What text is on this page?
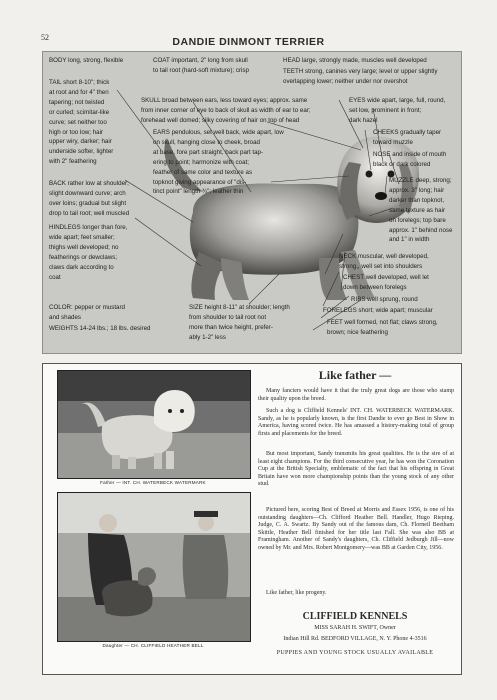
52	DANDIE DINMONT TERRIER
BODY long, strong, flexible
TAIL short 8-10"; thick
at root and for 4" then
tapering; not twisted
or curled; scimitar-like
curve; set neither too
high or too low; hair
upper wiry, darker; hair
underside softer, lighter
with 2" feathering
BACK rather low at shoulder;
slight downward curve; arch
over loins; gradual but slight
drop to tail root; well muscled
HINDLEGS longer than fore,
wide apart; feet smaller;
thighs well developed; no
featherings or dewclaws;
claws dark according to
coat
COLOR: pepper or mustard
and shades
WEIGHTS 14-24 lbs.; 18 lbs. desired
COAT important, 2" long from skull
to tail root (hard-soft mixture); crisp
SKULL broad between ears, less toward eyes; approx. same
from inner corner of eye to back of skull as width of ear to ear;
forehead well domed; silky covering of hair on top of head
EARS pendulous, set well back, wide apart, low
on skull, hanging close to cheek, broad
at base, fore part straight, back part tap-
ering to point; harmonize with coat;
feather of same color and texture as
topknot giving appearance of "dis-
tinct point" length ¾"; leather thin
HEAD large, strongly made, muscles well developed
TEETH strong, canines very large; level or upper slightly
overlapping lower; neither under nor overshot
EYES wide apart, large, full, round,
set low, prominent in front;
dark hazel
CHEEKS gradually taper
toward muzzle
NOSE and inside of mouth
black or dark colored
MUZZLE deep, strong;
approx. 3" long; hair
darker than topknot,
same texture as hair
on forelegs; top bare
approx. 1" behind nose
and 1" in width
NECK muscular, well developed,
strong,, well set into shoulders
CHEST well developed, well let
down between forelegs
RIBS well sprung, round
FORELEGS short; wide apart; muscular
FEET well formed, not flat; claws strong,
brown; nice feathering
SIZE height 8-11" at shoulder; length
from shoulder to tail root not
more than twice height, prefer-
ably 1-2" less
Father — INT. CH. WATERBECK WATERMARK
Daughter — CH. CLIFFIELD HEATHER BELL
Like father —

Many fanciers would have it that the truly great dogs are those who stamp their quality upon the breed.

Such a dog is Cliffield Kennels' INT. CH. WATERBECK WATERMARK. Sandy, as he is popularly known, is the first Dandie to ever go Best in Show in America, having scored twice. He has amassed a history-making total of group firsts and placements for the breed.

But most important, Sandy transmits his great qualities. He is the sire of at least eight champions. For the third consecutive year, he has won the Coronation Cup at the British Specialty, emblematic of the fact that his offspring in Great Britain have won more championship points than the young stock of any other stud.

Pictured here, scoring Best of Breed at Morris and Essex 1956, is one of his outstanding daughters—Ch. Clifford Heather Bell. Handler, Hugo Rieping. Judge, C. A. Swartz. By Sandy out of the famous dam, Ch. Florneil Beetham Skittle, Heather Bell finished for her title last Fall. She was also BB at Framingham. Another of Sandy's daughters, Ch. Cliffield Jedburgh Jill—now owned by Mr. and Mrs. Robert Montgomery—was BB at Garden City, 1956.

Like father, like progeny.

CLIFFIELD KENNELS
MISS SARAH H. SWIFT, Owner
Indian Hill Rd. BEDFORD VILLAGE, N. Y. Phone 4-3516
PUPPIES AND YOUNG STOCK USUALLY AVAILABLE
